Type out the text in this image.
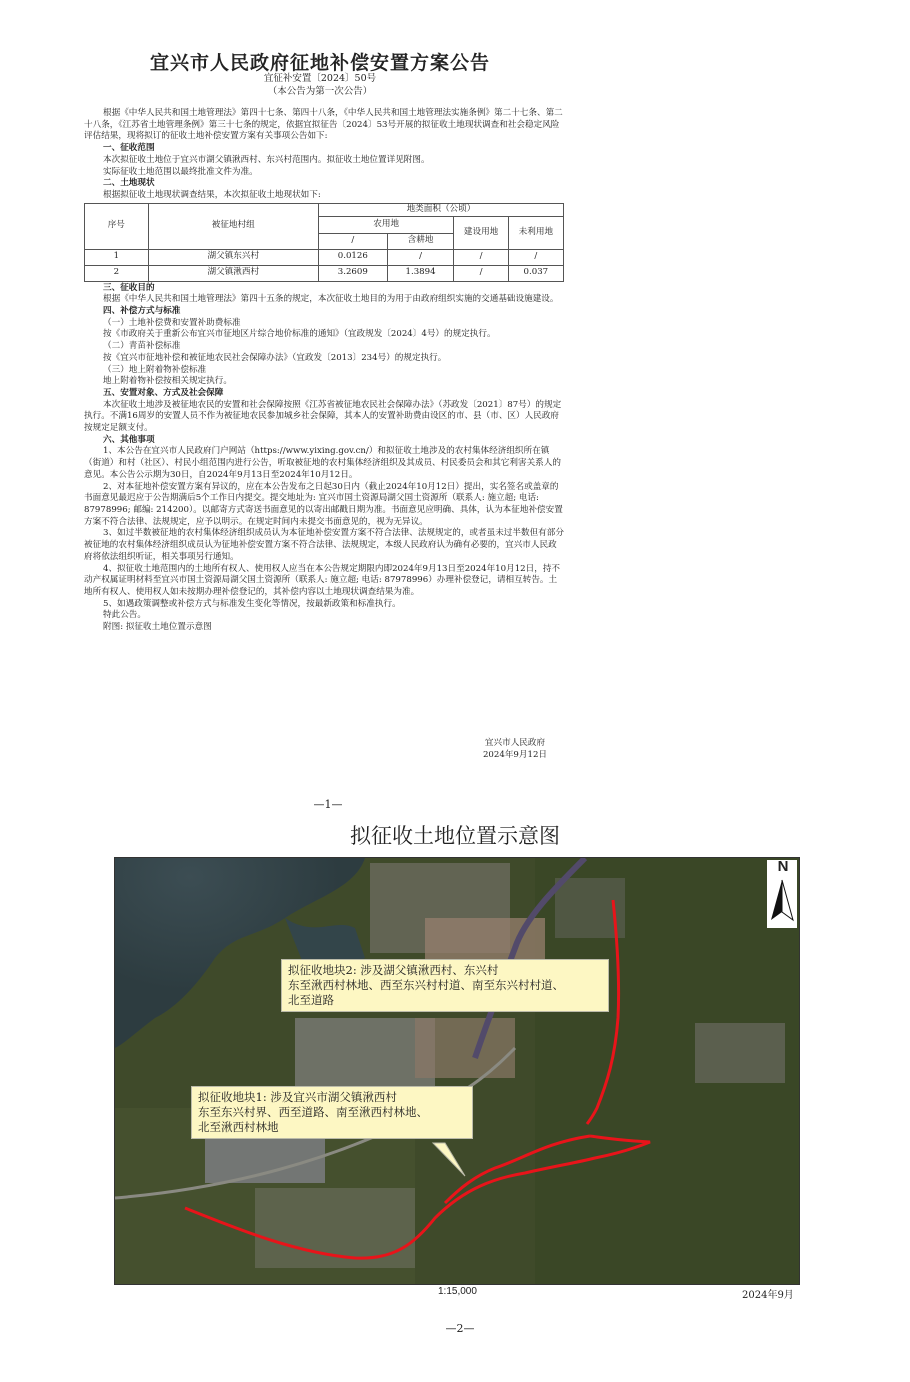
宜兴市人民政府征地补偿安置方案公告
宜征补安置〔2024〕50号
（本公告为第一次公告）

根据《中华人民共和国土地管理法》第四十七条、第四十八条，《中华人民共和国土地管理法实施条例》第二十七条、第二十八条，《江苏省土地管理条例》第三十七条的规定，依据宜拟征告〔2024〕53号开展的拟征收土地现状调查和社会稳定风险评估结果，现将拟订的征收土地补偿安置方案有关事项公告如下:

一、征收范围

本次拟征收土地位于宜兴市湖父镇湫西村、东兴村范围内。拟征收土地位置详见附图。

实际征收土地范围以最终批准文件为准。

二、土地现状

根据拟征收土地现状调查结果，本次拟征收土地现状如下:

序号	被征地村组	地类面积（公顷）			
		农用地		建设用地	未利用地
		/	含耕地		
1	湖父镇东兴村	0.0126	/	/	/
2	湖父镇湫西村	3.2609	1.3894	/	0.037

三、征收目的

根据《中华人民共和国土地管理法》第四十五条的规定，本次征收土地目的为用于由政府组织实施的交通基础设施建设。

四、补偿方式与标准

（一）土地补偿费和安置补助费标准

按《市政府关于重新公布宜兴市征地区片综合地价标准的通知》（宜政规发〔2024〕4号）的规定执行。

（二）青苗补偿标准

按《宜兴市征地补偿和被征地农民社会保障办法》（宜政发〔2013〕234号）的规定执行。

（三）地上附着物补偿标准

地上附着物补偿按相关规定执行。

五、安置对象、方式及社会保障

本次征收土地涉及被征地农民的安置和社会保障按照《江苏省被征地农民社会保障办法》（苏政发〔2021〕87号）的规定执行。不满16周岁的安置人员不作为被征地农民参加城乡社会保障，其本人的安置补助费由设区的市、县（市、区）人民政府按规定足额支付。

六、其他事项

1、本公告在宜兴市人民政府门户网站（https://www.yixing.gov.cn/）和拟征收土地涉及的农村集体经济组织所在镇（街道）和村（社区）、村民小组范围内进行公告，听取被征地的农村集体经济组织及其成员、村民委员会和其它利害关系人的意见。本公告公示期为30日，自2024年9月13日至2024年10月12日。

2、对本征地补偿安置方案有异议的，应在本公告发布之日起30日内（截止2024年10月12日）提出，实名签名或盖章的书面意见最迟应于公告期满后5个工作日内提交。提交地址为: 宜兴市国土资源局湖父国土资源所（联系人: 施立超; 电话: 87978996; 邮编: 214200）。以邮寄方式寄送书面意见的以寄出邮戳日期为准。书面意见应明确、具体，认为本征地补偿安置方案不符合法律、法规规定，应予以明示。在规定时间内未提交书面意见的，视为无异议。

3、如过半数被征地的农村集体经济组织成员认为本征地补偿安置方案不符合法律、法规规定的，或者虽未过半数但有部分被征地的农村集体经济组织成员认为征地补偿安置方案不符合法律、法规规定，本级人民政府认为确有必要的，宜兴市人民政府将依法组织听证，相关事项另行通知。

4、拟征收土地范围内的土地所有权人、使用权人应当在本公告规定期限内即2024年9月13日至2024年10月12日，持不动产权属证明材料至宜兴市国土资源局湖父国土资源所（联系人: 施立超; 电话: 87978996）办理补偿登记，请相互转告。土地所有权人、使用权人如未按期办理补偿登记的，其补偿内容以土地现状调查结果为准。

5、如遇政策调整或补偿方式与标准发生变化等情况，按最新政策和标准执行。

特此公告。

附图: 拟征收土地位置示意图

宜兴市人民政府
2024年9月12日
—1—
拟征收土地位置示意图
N
拟征收地块2: 涉及湖父镇湫西村、东兴村
东至湫西村林地、西至东兴村村道、南至东兴村村道、
北至道路
拟征收地块1: 涉及宜兴市湖父镇湫西村
东至东兴村界、西至道路、南至湫西村林地、
北至湫西村林地
1:15,000	2024年9月
—2—
